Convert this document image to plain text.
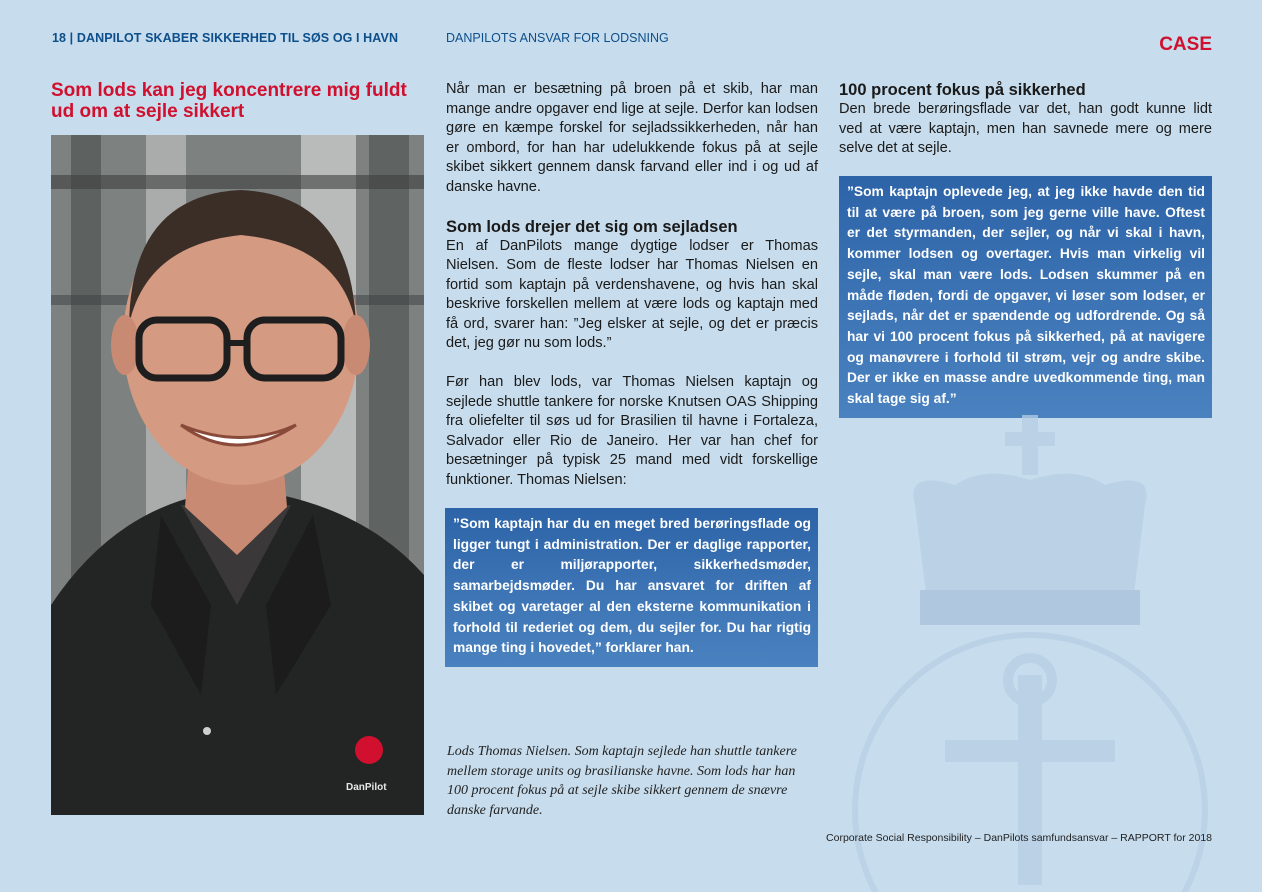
18 | DANPILOT SKABER SIKKERHED TIL SØS OG I HAVN	DANPILOTS ANSVAR FOR LODSNING	CASE
Som lods kan jeg koncentrere mig fuldt ud om at sejle sikkert
DanPilot

Når man er besætning på broen på et skib, har man mange andre opgaver end lige at sejle. Derfor kan lodsen gøre en kæmpe forskel for sejladssikkerheden, når han er ombord, for han har udelukkende fokus på at sejle skibet sikkert gennem dansk farvand eller ind i og ud af danske havne.

Som lods drejer det sig om sejladsen

En af DanPilots mange dygtige lodser er Thomas Nielsen. Som de fleste lodser har Thomas Nielsen en fortid som kaptajn på verdenshavene, og hvis han skal beskrive forskellen mellem at være lods og kaptajn med få ord, svarer han: ”Jeg elsker at sejle, og det er præcis det, jeg gør nu som lods.”

Før han blev lods, var Thomas Nielsen kaptajn og sejlede shuttle tankere for norske Knutsen OAS Shipping fra oliefelter til søs ud for Brasilien til havne i Fortaleza, Salvador eller Rio de Janeiro. Her var han chef for besætninger på typisk 25 mand med vidt forskellige funktioner. Thomas Nielsen:

”Som kaptajn har du en meget bred berøringsflade og ligger tungt i administration. Der er daglige rapporter, der er miljørapporter, sikkerhedsmøder, samarbejdsmøder. Du har ansvaret for driften af skibet og varetager al den eksterne kommunikation i forhold til rederiet og dem, du sejler for. Du har rigtig mange ting i hovedet,” forklarer han.
Lods Thomas Nielsen. Som kaptajn sejlede han shuttle tankere mellem storage units og brasilianske havne. Som lods har han 100 procent fokus på at sejle skibe sikkert gennem de snævre danske farvande.
100 procent fokus på sikkerhed

Den brede berøringsflade var det, han godt kunne lidt ved at være kaptajn, men han savnede mere og mere selve det at sejle.

”Som kaptajn oplevede jeg, at jeg ikke havde den tid til at være på broen, som jeg gerne ville have. Oftest er det styrmanden, der sejler, og når vi skal i havn, kommer lodsen og overtager. Hvis man virkelig vil sejle, skal man være lods. Lodsen skummer på en måde fløden, fordi de opgaver, vi løser som lodser, er sejlads, når det er spændende og udfordrende. Og så har vi 100 procent fokus på sikkerhed, på at navigere og manøvrere i forhold til strøm, vejr og andre skibe. Der er ikke en masse andre uvedkommende ting, man skal tage sig af.”
Corporate Social Responsibility – DanPilots samfundsansvar – RAPPORT for 2018
